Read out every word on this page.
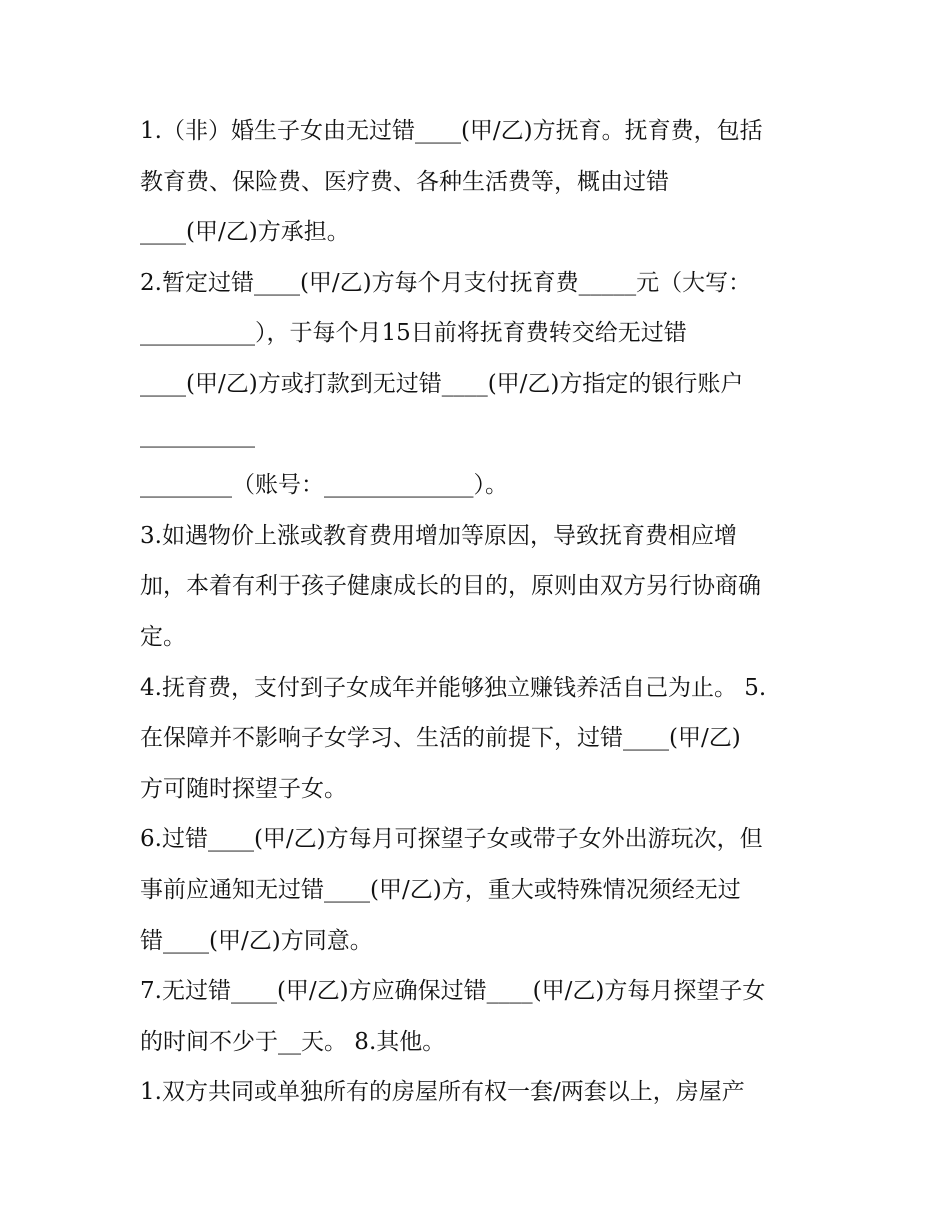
1.（非）婚生子女由无过错____(甲/乙)方抚育。抚育费，包括
教育费、保险费、医疗费、各种生活费等，概由过错
____(甲/乙)方承担。
2.暂定过错____(甲/乙)方每个月支付抚育费_____元（大写：
__________），于每个月15日前将抚育费转交给无过错
____(甲/乙)方或打款到无过错____(甲/乙)方指定的银行账户
__________
________（账号：_____________）。
3.如遇物价上涨或教育费用增加等原因，导致抚育费相应增
加，本着有利于孩子健康成长的目的，原则由双方另行协商确
定。
4.抚育费，支付到子女成年并能够独立赚钱养活自己为止。 5.
在保障并不影响子女学习、生活的前提下，过错____(甲/乙)
方可随时探望子女。
6.过错____(甲/乙)方每月可探望子女或带子女外出游玩次，但
事前应通知无过错____(甲/乙)方，重大或特殊情况须经无过
错____(甲/乙)方同意。
7.无过错____(甲/乙)方应确保过错____(甲/乙)方每月探望子女
的时间不少于__天。 8.其他。
1.双方共同或单独所有的房屋所有权一套/两套以上，房屋产
